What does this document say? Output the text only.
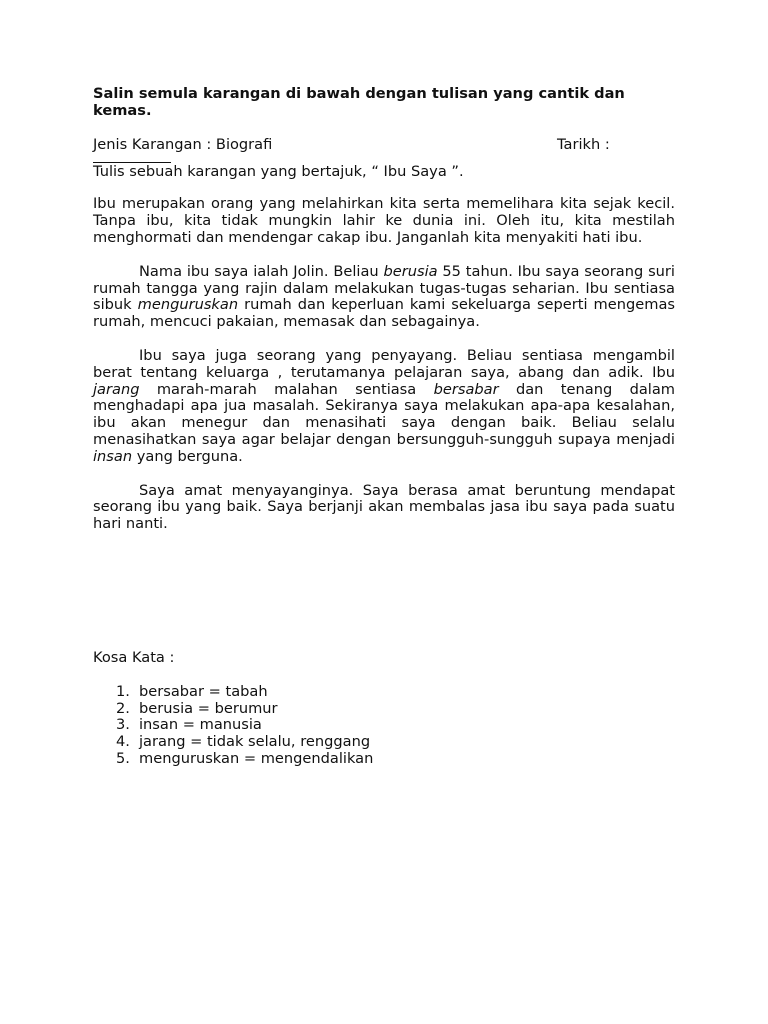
Salin semula karangan di bawah dengan tulisan yang cantik dan kemas.
Jenis Karangan : Biografi	Tarikh :
Tulis sebuah karangan yang bertajuk, “ Ibu Saya ”.

Ibu merupakan orang yang melahirkan kita serta memelihara kita sejak kecil. Tanpa ibu, kita tidak mungkin lahir ke dunia ini. Oleh itu, kita mestilah menghormati dan mendengar cakap ibu. Janganlah kita menyakiti hati ibu.

Nama ibu saya ialah Jolin. Beliau berusia 55 tahun. Ibu saya seorang suri rumah tangga yang rajin dalam melakukan tugas-tugas seharian. Ibu sentiasa sibuk menguruskan rumah dan keperluan kami sekeluarga seperti mengemas rumah, mencuci pakaian, memasak dan sebagainya.

Ibu saya juga seorang yang penyayang. Beliau sentiasa mengambil berat tentang keluarga , terutamanya pelajaran saya, abang dan adik. Ibu jarang marah-marah malahan sentiasa bersabar dan tenang dalam menghadapi apa jua masalah. Sekiranya saya melakukan apa-apa kesalahan, ibu akan menegur dan menasihati saya dengan baik. Beliau selalu menasihatkan saya agar belajar dengan bersungguh-sungguh supaya menjadi insan yang berguna.

Saya amat menyayanginya. Saya berasa amat beruntung mendapat seorang ibu yang baik. Saya berjanji akan membalas jasa ibu saya pada suatu hari nanti.

Kosa Kata :
1. bersabar = tabah
2. berusia = berumur
3. insan = manusia
4. jarang = tidak selalu, renggang
5. menguruskan = mengendalikan
